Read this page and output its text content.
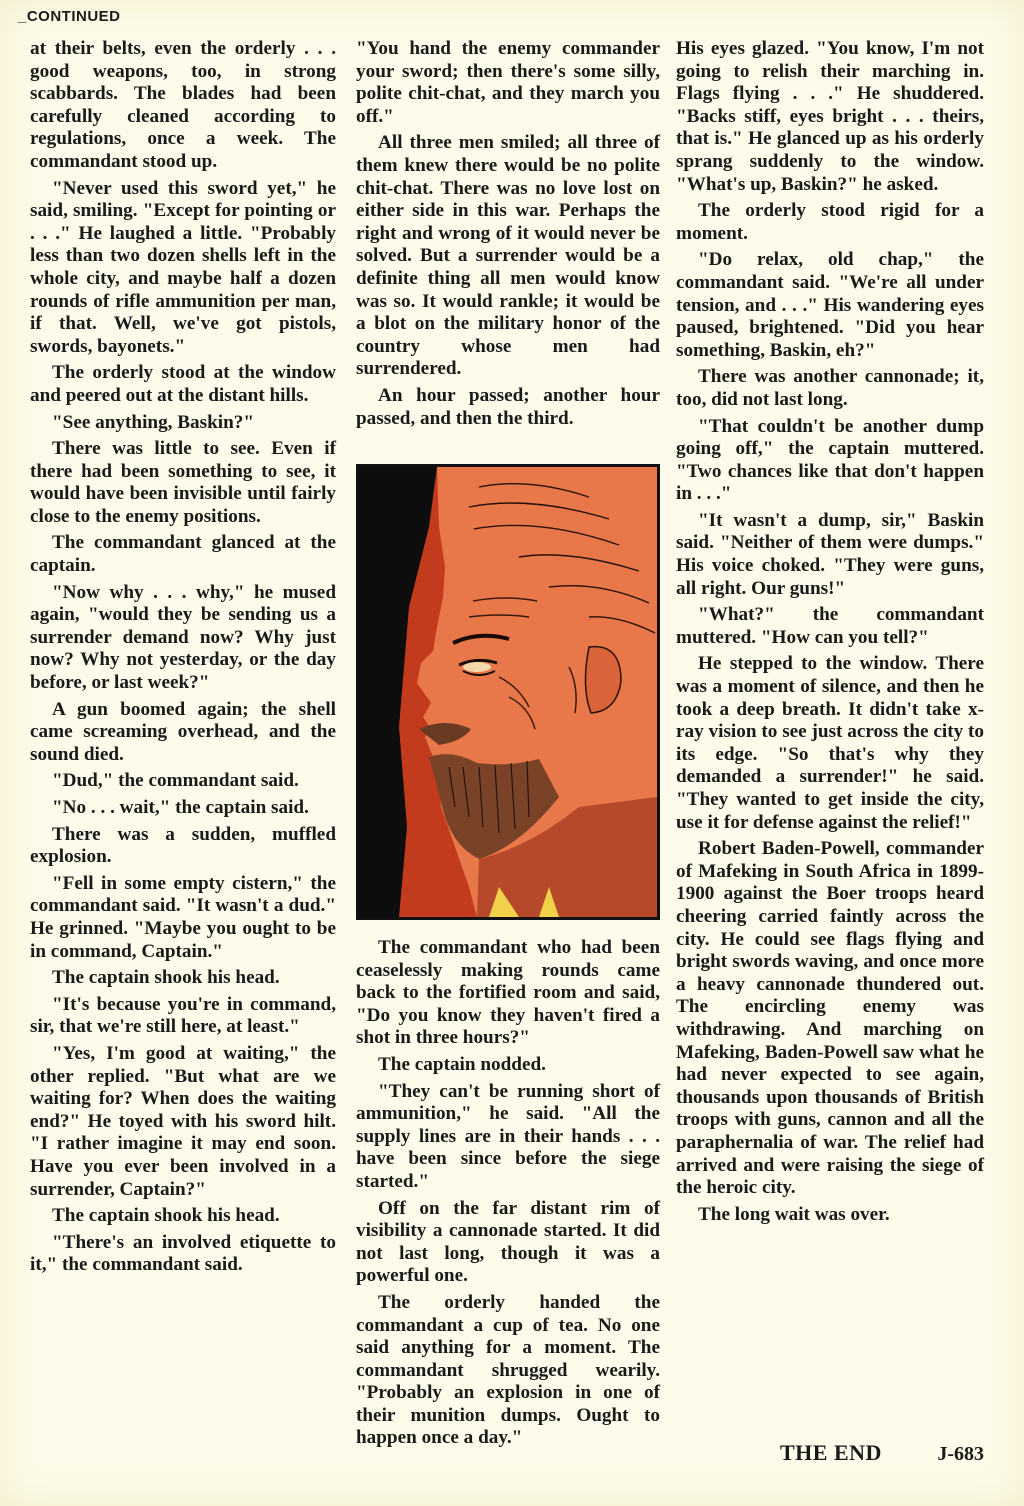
_CONTINUED

at their belts, even the orderly . . . good weapons, too, in strong scabbards. The blades had been carefully cleaned according to regulations, once a week. The commandant stood up.

"Never used this sword yet," he said, smiling. "Except for pointing or . . ." He laughed a little. "Probably less than two dozen shells left in the whole city, and maybe half a dozen rounds of rifle ammunition per man, if that. Well, we've got pistols, swords, bayonets."

The orderly stood at the window and peered out at the distant hills.

"See anything, Baskin?"

There was little to see. Even if there had been something to see, it would have been invisible until fairly close to the enemy positions.

The commandant glanced at the captain.

"Now why . . . why," he mused again, "would they be sending us a surrender demand now? Why just now? Why not yesterday, or the day before, or last week?"

A gun boomed again; the shell came screaming overhead, and the sound died.

"Dud," the commandant said.

"No . . . wait," the captain said.

There was a sudden, muffled explosion.

"Fell in some empty cistern," the commandant said. "It wasn't a dud." He grinned. "Maybe you ought to be in command, Captain."

The captain shook his head.

"It's because you're in command, sir, that we're still here, at least."

"Yes, I'm good at waiting," the other replied. "But what are we waiting for? When does the waiting end?" He toyed with his sword hilt. "I rather imagine it may end soon. Have you ever been involved in a surrender, Captain?"

The captain shook his head.

"There's an involved etiquette to it," the commandant said.

"You hand the enemy commander your sword; then there's some silly, polite chit-chat, and they march you off."

All three men smiled; all three of them knew there would be no polite chit-chat. There was no love lost on either side in this war. Perhaps the right and wrong of it would never be solved. But a surrender would be a definite thing all men would know was so. It would rankle; it would be a blot on the military honor of the country whose men had surrendered.

An hour passed; another hour passed, and then the third.

The commandant who had been ceaselessly making rounds came back to the fortified room and said, "Do you know they haven't fired a shot in three hours?"

The captain nodded.

"They can't be running short of ammunition," he said. "All the supply lines are in their hands . . . have been since before the siege started."

Off on the far distant rim of visibility a cannonade started. It did not last long, though it was a powerful one.

The orderly handed the commandant a cup of tea. No one said anything for a moment. The commandant shrugged wearily. "Probably an explosion in one of their munition dumps. Ought to happen once a day."

His eyes glazed. "You know, I'm not going to relish their marching in. Flags flying . . ." He shuddered. "Backs stiff, eyes bright . . . theirs, that is." He glanced up as his orderly sprang suddenly to the window. "What's up, Baskin?" he asked.

The orderly stood rigid for a moment.

"Do relax, old chap," the commandant said. "We're all under tension, and . . ." His wandering eyes paused, brightened. "Did you hear something, Baskin, eh?"

There was another cannonade; it, too, did not last long.

"That couldn't be another dump going off," the captain muttered. "Two chances like that don't happen in . . ."

"It wasn't a dump, sir," Baskin said. "Neither of them were dumps." His voice choked. "They were guns, all right. Our guns!"

"What?" the commandant muttered. "How can you tell?"

He stepped to the window. There was a moment of silence, and then he took a deep breath. It didn't take x-ray vision to see just across the city to its edge. "So that's why they demanded a surrender!" he said. "They wanted to get inside the city, use it for defense against the relief!"

Robert Baden-Powell, commander of Mafeking in South Africa in 1899-1900 against the Boer troops heard cheering carried faintly across the city. He could see flags flying and bright swords waving, and once more a heavy cannonade thundered out. The encircling enemy was withdrawing. And marching on Mafeking, Baden-Powell saw what he had never expected to see again, thousands upon thousands of British troops with guns, cannon and all the paraphernalia of war. The relief had arrived and were raising the siege of the heroic city.

The long wait was over.

THE END	J-683
